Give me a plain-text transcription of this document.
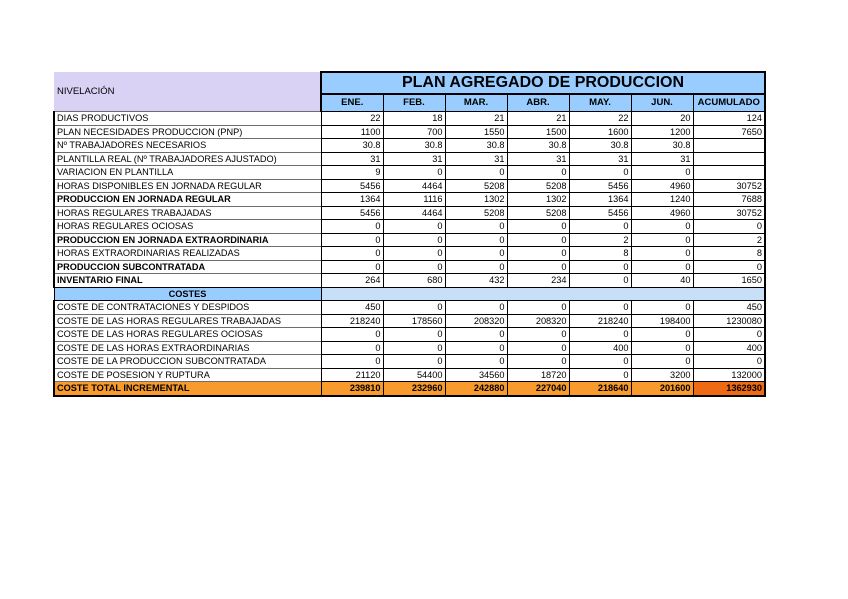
NIVELACIÓN	PLAN AGREGADO DE PRODUCCION						
	ENE.	FEB.	MAR.	ABR.	MAY.	JUN.	ACUMULADO
DIAS PRODUCTIVOS	22	18	21	21	22	20	124
PLAN NECESIDADES PRODUCCION (PNP)	1100	700	1550	1500	1600	1200	7650
Nº TRABAJADORES NECESARIOS	30.8	30.8	30.8	30.8	30.8	30.8	
PLANTILLA REAL (Nº TRABAJADORES AJUSTADO)	31	31	31	31	31	31	
VARIACION EN PLANTILLA	9	0	0	0	0	0	
HORAS DISPONIBLES EN JORNADA REGULAR	5456	4464	5208	5208	5456	4960	30752
PRODUCCION EN JORNADA REGULAR	1364	1116	1302	1302	1364	1240	7688
HORAS REGULARES TRABAJADAS	5456	4464	5208	5208	5456	4960	30752
HORAS REGULARES OCIOSAS	0	0	0	0	0	0	0
PRODUCCION EN JORNADA EXTRAORDINARIA	0	0	0	0	2	0	2
HORAS EXTRAORDINARIAS REALIZADAS	0	0	0	0	8	0	8
PRODUCCION SUBCONTRATADA	0	0	0	0	0	0	0
INVENTARIO FINAL	264	680	432	234	0	40	1650
COSTES							
COSTE DE CONTRATACIONES Y DESPIDOS	450	0	0	0	0	0	450
COSTE DE LAS HORAS REGULARES TRABAJADAS	218240	178560	208320	208320	218240	198400	1230080
COSTE DE LAS HORAS REGULARES OCIOSAS	0	0	0	0	0	0	0
COSTE DE LAS HORAS EXTRAORDINARIAS	0	0	0	0	400	0	400
COSTE DE LA PRODUCCION SUBCONTRATADA	0	0	0	0	0	0	0
COSTE DE POSESION Y RUPTURA	21120	54400	34560	18720	0	3200	132000
COSTE TOTAL INCREMENTAL	239810	232960	242880	227040	218640	201600	1362930
